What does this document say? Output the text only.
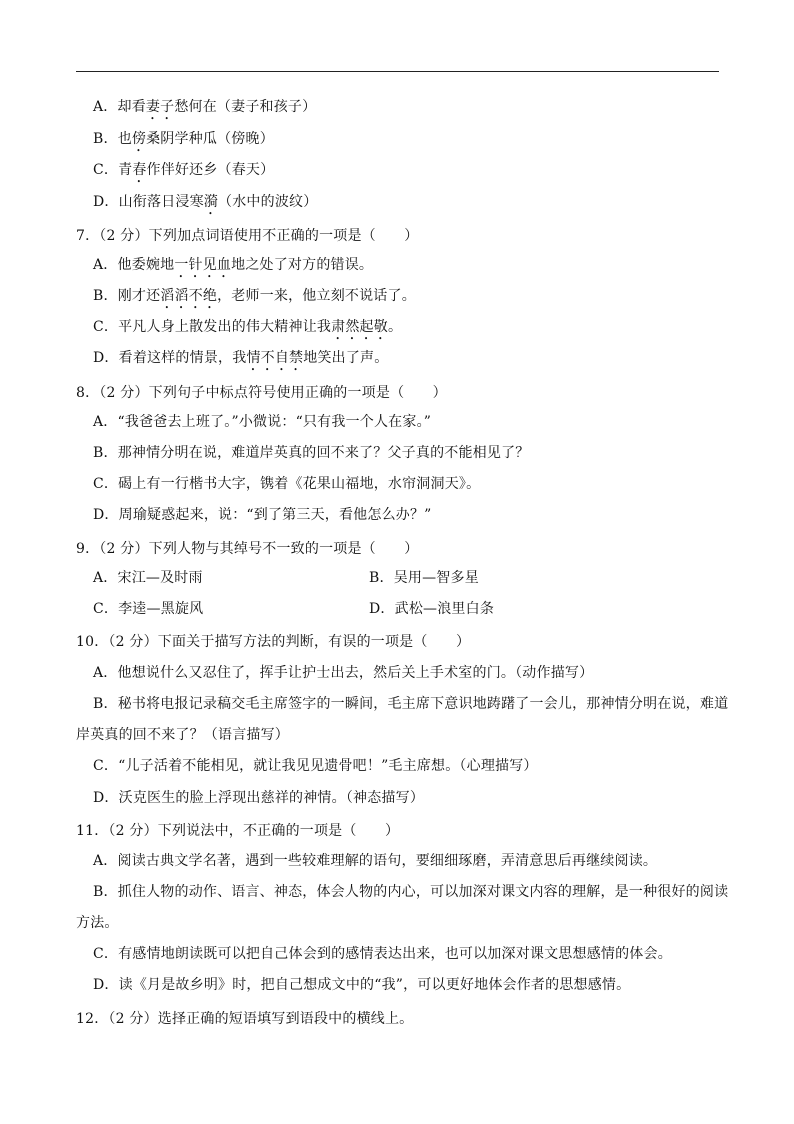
A．却看妻子愁何在（妻子和孩子）
B．也傍桑阴学种瓜（傍晚）
C．青春作伴好还乡（春天）
D．山衔落日浸寒漪（水中的波纹）
7．（2 分）下列加点词语使用不正确的一项是（　　）
A．他委婉地一针见血地之处了对方的错误。
B．刚才还滔滔不绝，老师一来，他立刻不说话了。
C．平凡人身上散发出的伟大精神让我肃然起敬。
D．看着这样的情景，我情不自禁地笑出了声。
8．（2 分）下列句子中标点符号使用正确的一项是（　　）
A．“我爸爸去上班了。”小微说：“只有我一个人在家。”
B．那神情分明在说，难道岸英真的回不来了？父子真的不能相见了？
C．碣上有一行楷书大字，镌着《花果山福地，水帘洞洞天》。
D．周瑜疑惑起来，说：“到了第三天，看他怎么办？”
9．（2 分）下列人物与其绰号不一致的一项是（　　）
A．宋江—及时雨	B．吴用—智多星
C．李逵—黑旋风	D．武松—浪里白条
10．（2 分）下面关于描写方法的判断，有误的一项是（　　）
A．他想说什么又忍住了，挥手让护士出去，然后关上手术室的门。（动作描写）
B．秘书将电报记录稿交毛主席签字的一瞬间，毛主席下意识地踌躇了一会儿，那神情分明在说，难道
岸英真的回不来了？（语言描写）
C．“儿子活着不能相见，就让我见见遗骨吧！”毛主席想。（心理描写）
D．沃克医生的脸上浮现出慈祥的神情。（神态描写）
11．（2 分）下列说法中，不正确的一项是（　　）
A．阅读古典文学名著，遇到一些较难理解的语句，要细细琢磨，弄清意思后再继续阅读。
B．抓住人物的动作、语言、神态，体会人物的内心，可以加深对课文内容的理解，是一种很好的阅读
方法。
C．有感情地朗读既可以把自己体会到的感情表达出来，也可以加深对课文思想感情的体会。
D．读《月是故乡明》时，把自己想成文中的“我”，可以更好地体会作者的思想感情。
12．（2 分）选择正确的短语填写到语段中的横线上。
